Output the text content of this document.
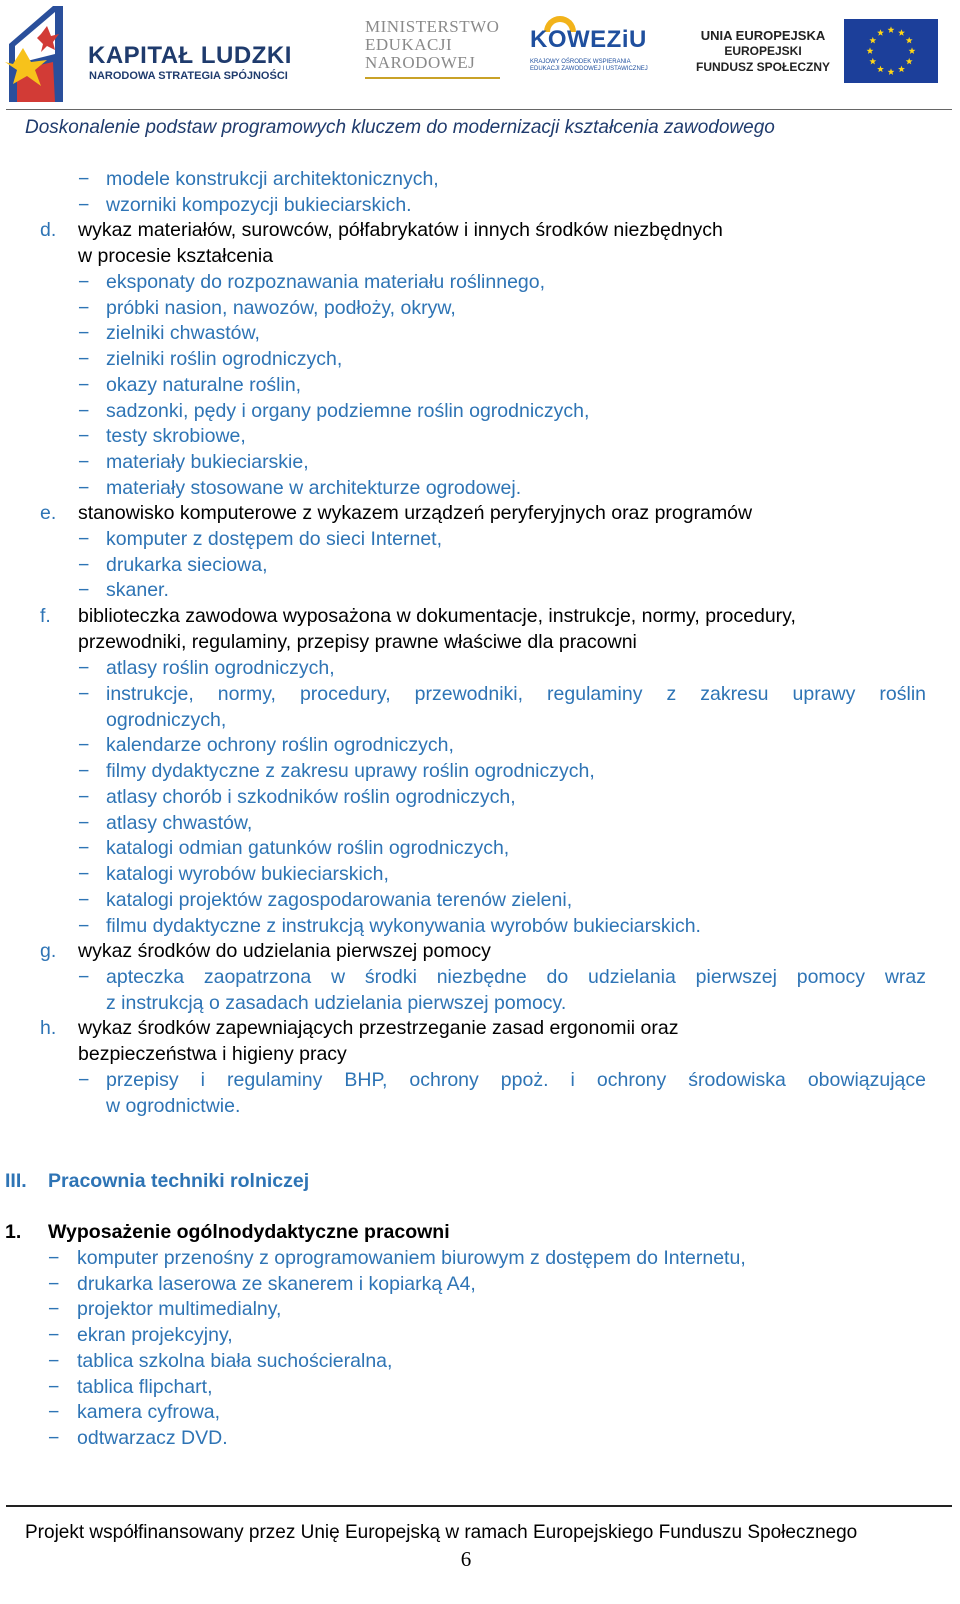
KAPITAŁ LUDZKI
NARODOWA STRATEGIA SPÓJNOŚCI
MINISTERSTWO
EDUKACJI
NARODOWEJ
KOWEZiU
KRAJOWY OŚRODEK WSPIERANIA
EDUKACJI ZAWODOWEJ I USTAWICZNEJ
UNIA EUROPEJSKA
EUROPEJSKI
FUNDUSZ SPOŁECZNY
Doskonalenie podstaw programowych kluczem do modernizacji kształcenia zawodowego
− modele konstrukcji architektonicznych,
− wzorniki kompozycji bukieciarskich.
d. wykaz materiałów, surowców, półfabrykatów i innych środków niezbędnych
w procesie kształcenia
− eksponaty do rozpoznawania materiału roślinnego,
− próbki nasion, nawozów, podłoży, okryw,
− zielniki chwastów,
− zielniki roślin ogrodniczych,
− okazy naturalne roślin,
− sadzonki, pędy i organy podziemne roślin ogrodniczych,
− testy skrobiowe,
− materiały bukieciarskie,
− materiały stosowane w architekturze ogrodowej.
e. stanowisko komputerowe z wykazem urządzeń peryferyjnych oraz programów
− komputer z dostępem do sieci Internet,
− drukarka sieciowa,
− skaner.
f. biblioteczka zawodowa wyposażona w dokumentacje, instrukcje, normy, procedury,
przewodniki, regulaminy, przepisy prawne właściwe dla pracowni
− atlasy roślin ogrodniczych,
− instrukcje, normy, procedury, przewodniki, regulaminy z zakresu uprawy roślin
ogrodniczych,
− kalendarze ochrony roślin ogrodniczych,
− filmy dydaktyczne z zakresu uprawy roślin ogrodniczych,
− atlasy chorób i szkodników roślin ogrodniczych,
− atlasy chwastów,
− katalogi odmian gatunków roślin ogrodniczych,
− katalogi wyrobów bukieciarskich,
− katalogi projektów zagospodarowania terenów zieleni,
− filmu dydaktyczne z instrukcją wykonywania wyrobów bukieciarskich.
g. wykaz środków do udzielania pierwszej pomocy
− apteczka zaopatrzona w środki niezbędne do udzielania pierwszej pomocy wraz
z instrukcją o zasadach udzielania pierwszej pomocy.
h. wykaz środków zapewniających przestrzeganie zasad ergonomii oraz
bezpieczeństwa i higieny pracy
− przepisy i regulaminy BHP, ochrony ppoż. i ochrony środowiska obowiązujące
w ogrodnictwie.
III. Pracownia techniki rolniczej
1. Wyposażenie ogólnodydaktyczne pracowni
− komputer przenośny z oprogramowaniem biurowym z dostępem do Internetu,
− drukarka laserowa ze skanerem i kopiarką A4,
− projektor multimedialny,
− ekran projekcyjny,
− tablica szkolna biała suchościeralna,
− tablica flipchart,
− kamera cyfrowa,
− odtwarzacz DVD.
Projekt współfinansowany przez Unię Europejską w ramach Europejskiego Funduszu Społecznego
6
